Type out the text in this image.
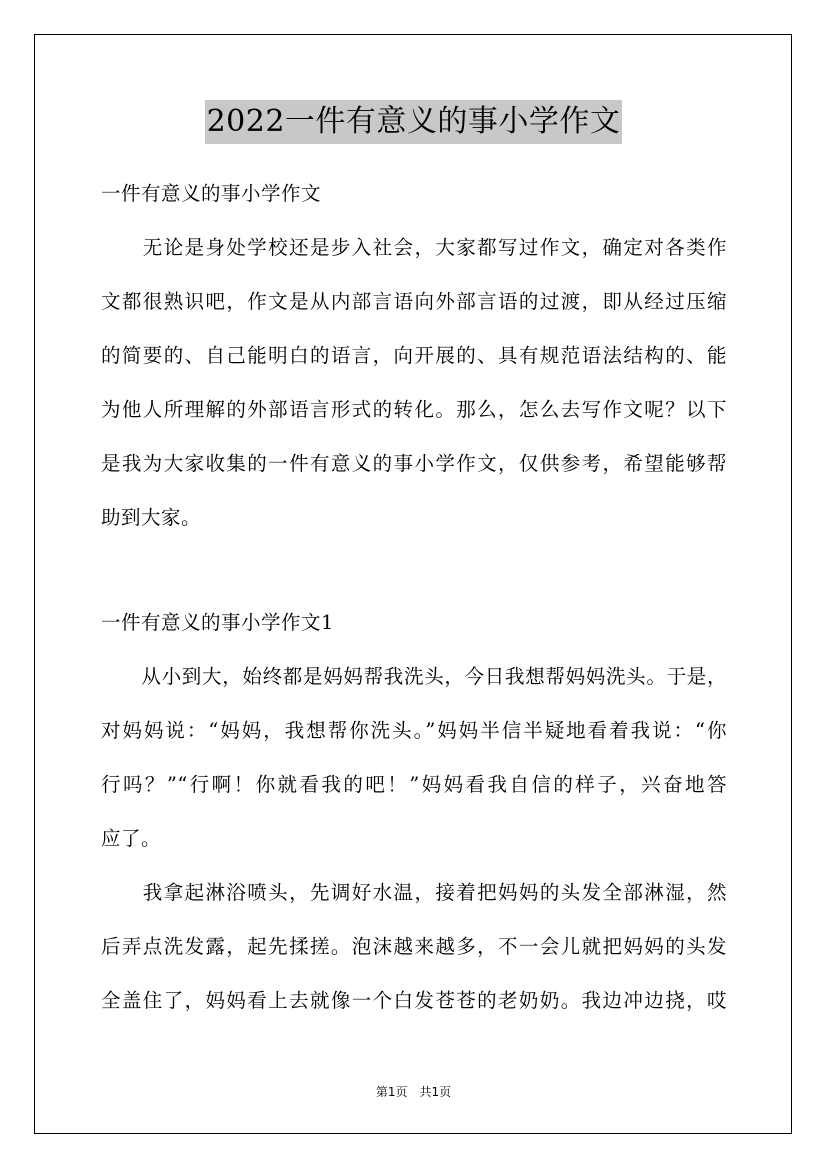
2022一件有意义的事小学作文
一件有意义的事小学作文
　　无论是身处学校还是步入社会，大家都写过作文，确定对各类作
文都很熟识吧，作文是从内部言语向外部言语的过渡，即从经过压缩
的简要的、自己能明白的语言，向开展的、具有规范语法结构的、能
为他人所理解的外部语言形式的转化。那么，怎么去写作文呢？以下
是我为大家收集的一件有意义的事小学作文，仅供参考，希望能够帮
助到大家。
一件有意义的事小学作文1
　　从小到大，始终都是妈妈帮我洗头，今日我想帮妈妈洗头。于是，
对妈妈说：“妈妈，我想帮你洗头。”妈妈半信半疑地看着我说：“你
行吗？”“行啊！你就看我的吧！”妈妈看我自信的样子，兴奋地答
应了。
　　我拿起淋浴喷头，先调好水温，接着把妈妈的头发全部淋湿，然
后弄点洗发露，起先揉搓。泡沫越来越多，不一会儿就把妈妈的头发
全盖住了，妈妈看上去就像一个白发苍苍的老奶奶。我边冲边挠，哎
第1页　共1页
